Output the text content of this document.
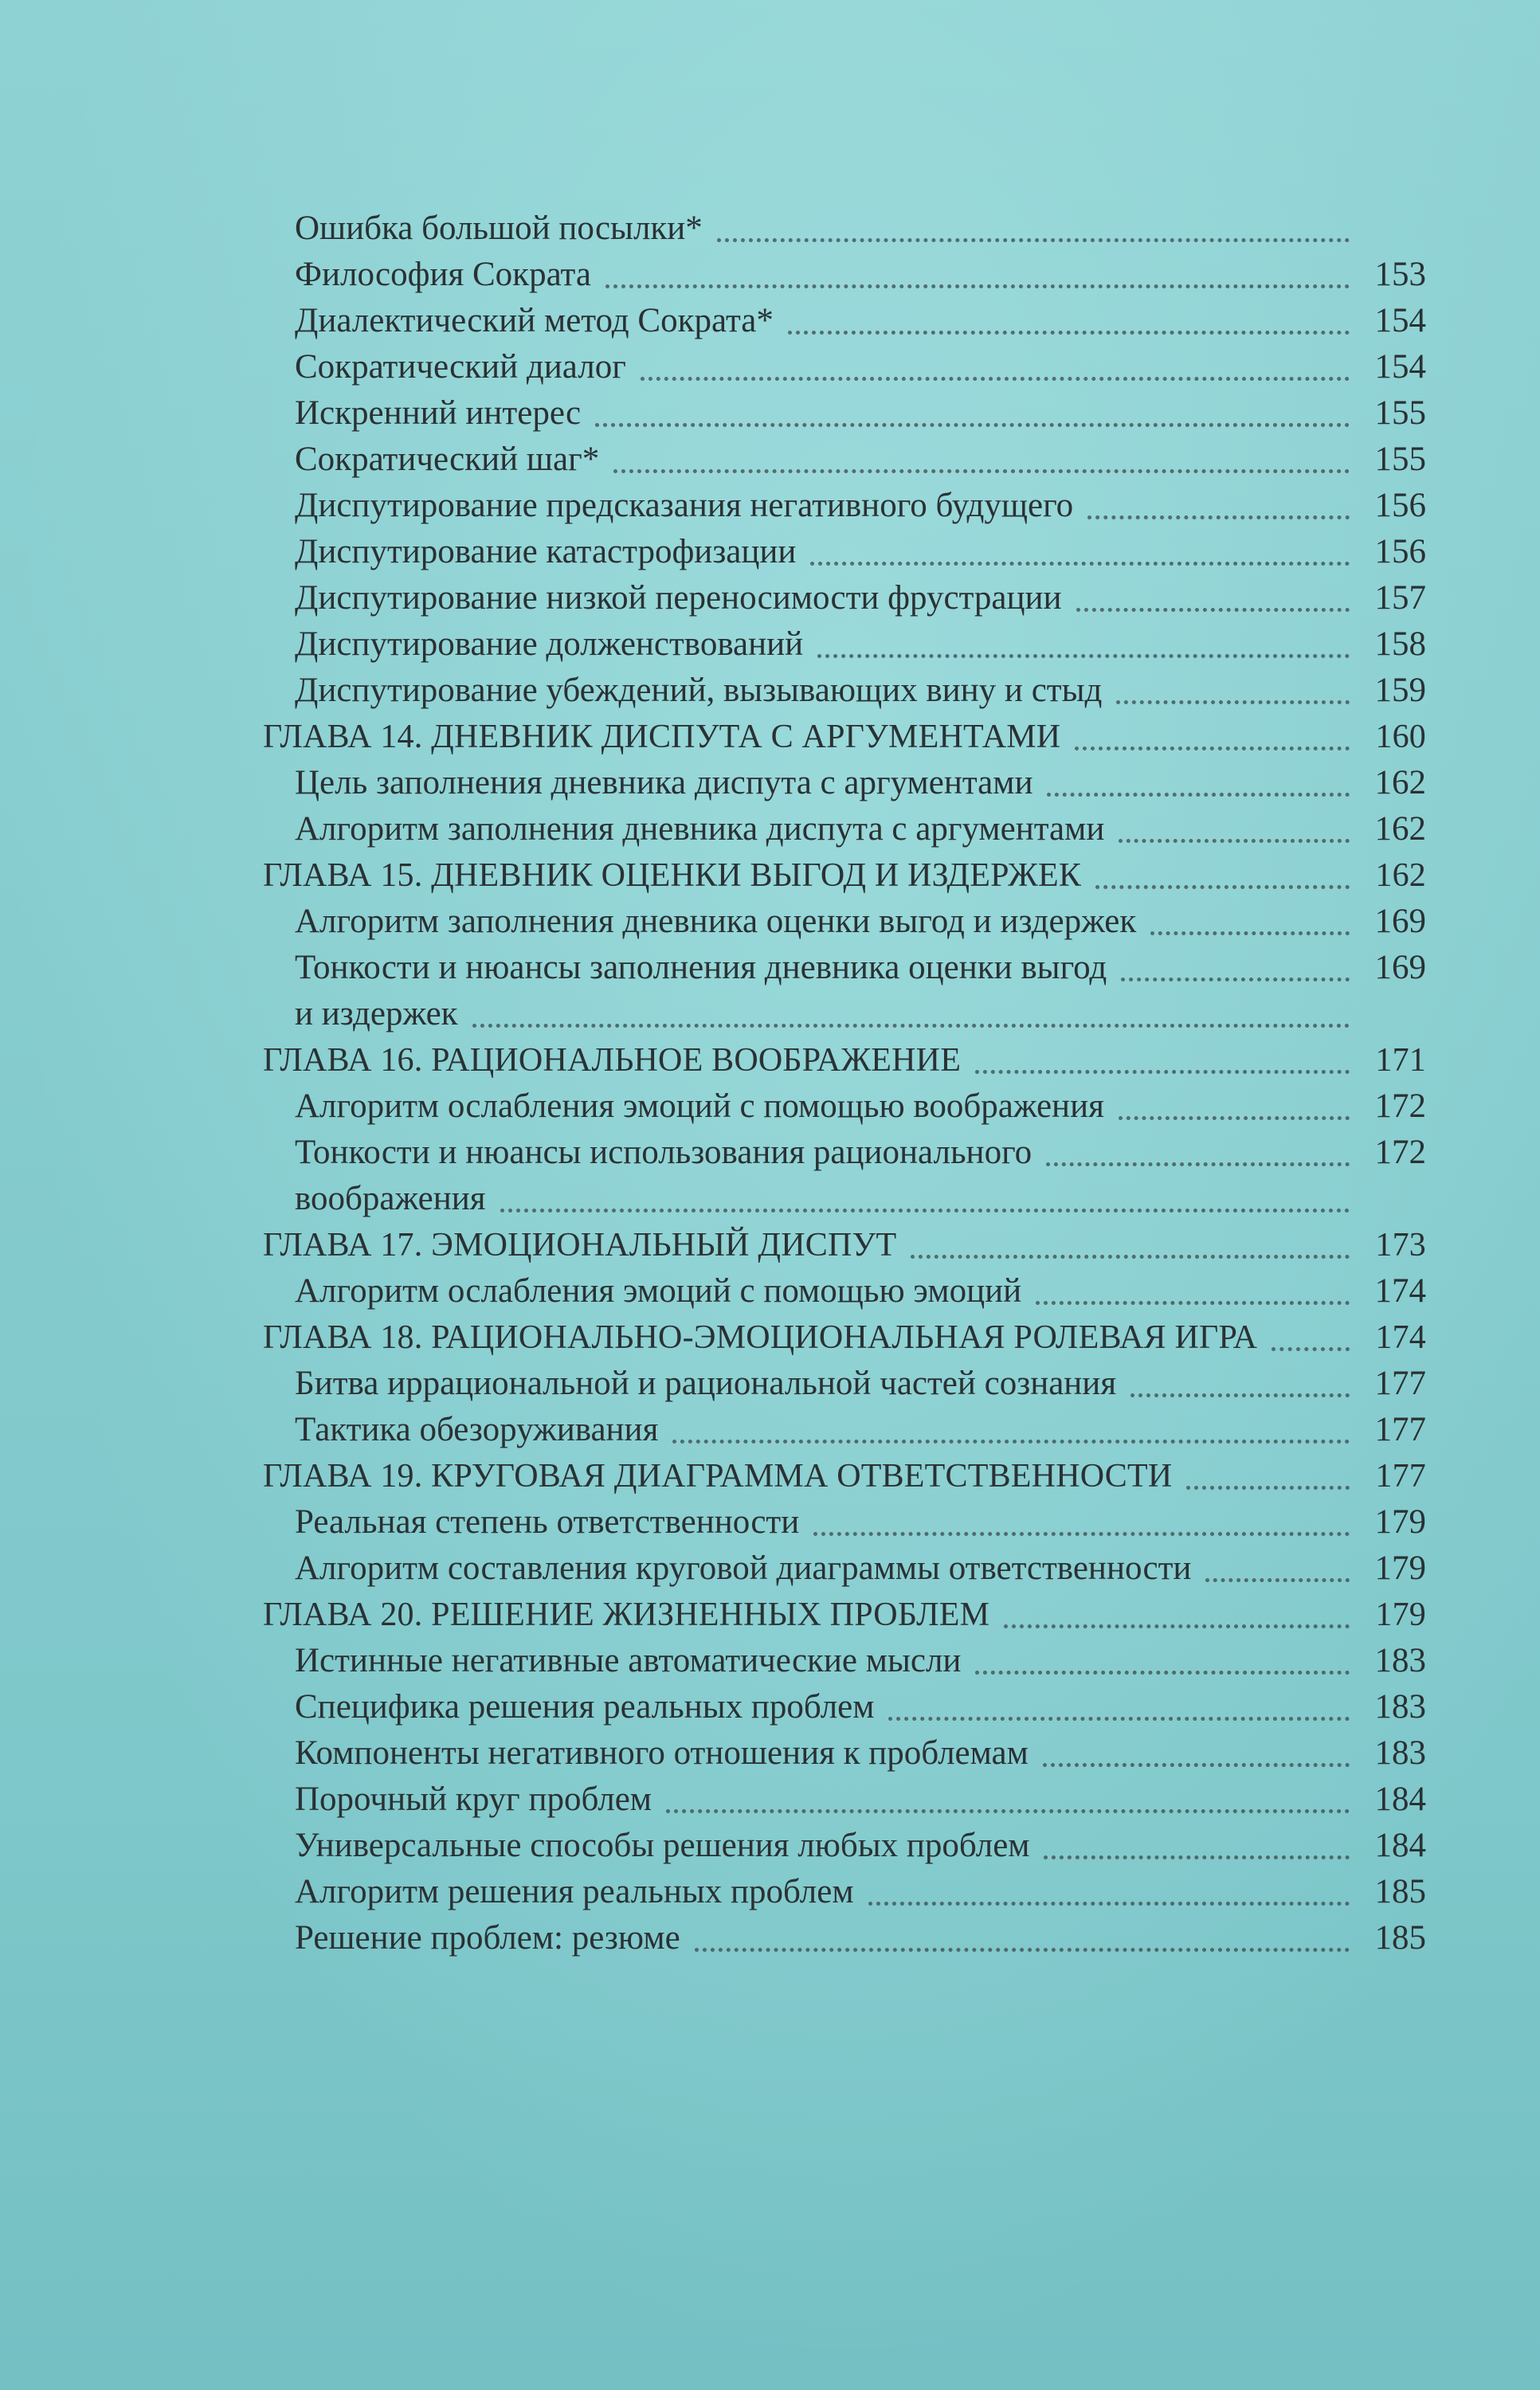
Ошибка большой посылки*
Философия Сократа	153
Диалектический метод Сократа*	154
Сократический диалог	154
Искренний интерес	155
Сократический шаг*	155
Диспутирование предсказания негативного будущего	156
Диспутирование катастрофизации	156
Диспутирование низкой переносимости фрустрации	157
Диспутирование долженствований	158
Диспутирование убеждений, вызывающих вину и стыд	159
ГЛАВА 14. ДНЕВНИК ДИСПУТА С АРГУМЕНТАМИ	160
Цель заполнения дневника диспута с аргументами	162
Алгоритм заполнения дневника диспута с аргументами	162
ГЛАВА 15. ДНЕВНИК ОЦЕНКИ ВЫГОД И ИЗДЕРЖЕК	162
Алгоритм заполнения дневника оценки выгод и издержек	169
Тонкости и нюансы заполнения дневника оценки выгод	169
и издержек
ГЛАВА 16. РАЦИОНАЛЬНОЕ ВООБРАЖЕНИЕ	171
Алгоритм ослабления эмоций с помощью воображения	172
Тонкости и нюансы использования рационального	172
воображения
ГЛАВА 17. ЭМОЦИОНАЛЬНЫЙ ДИСПУТ	173
Алгоритм ослабления эмоций с помощью эмоций	174
ГЛАВА 18. РАЦИОНАЛЬНО-ЭМОЦИОНАЛЬНАЯ РОЛЕВАЯ ИГРА	174
Битва иррациональной и рациональной частей сознания	177
Тактика обезоруживания	177
ГЛАВА 19. КРУГОВАЯ ДИАГРАММА ОТВЕТСТВЕННОСТИ	177
Реальная степень ответственности	179
Алгоритм составления круговой диаграммы ответственности	179
ГЛАВА 20. РЕШЕНИЕ ЖИЗНЕННЫХ ПРОБЛЕМ	179
Истинные негативные автоматические мысли	183
Специфика решения реальных проблем	183
Компоненты негативного отношения к проблемам	183
Порочный круг проблем	184
Универсальные способы решения любых проблем	184
Алгоритм решения реальных проблем	185
Решение проблем: резюме	185
